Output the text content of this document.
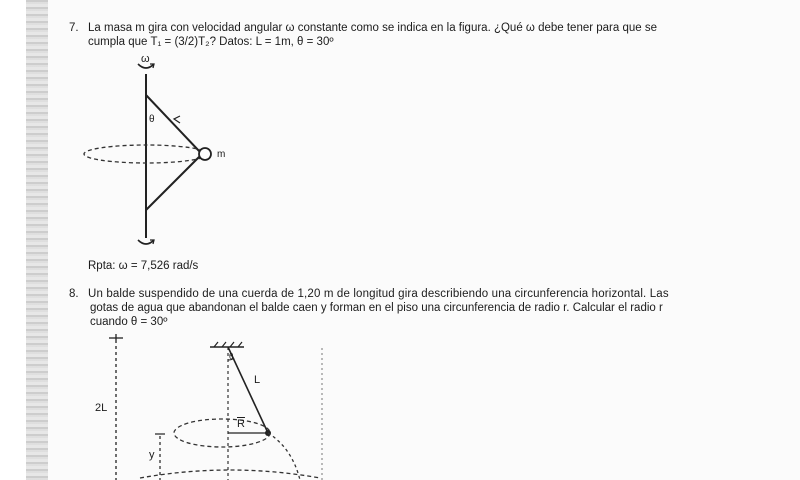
7. La masa m gira con velocidad angular ω constante como se indica en la figura. ¿Qué ω debe tener para que se
cumpla que T₁ = (3/2)T₂? Datos: L = 1m, θ = 30º
ω
θ
m
Rpta: ω = 7,526 rad/s
8. Un balde suspendido de una cuerda de 1,20 m de longitud gira describiendo una circunferencia horizontal. Las
gotas de agua que abandonan el balde caen y forman en el piso una circunferencia de radio r. Calcular el radio r
cuando θ = 30º
2L
L
$\overline{R}$
y
θ
